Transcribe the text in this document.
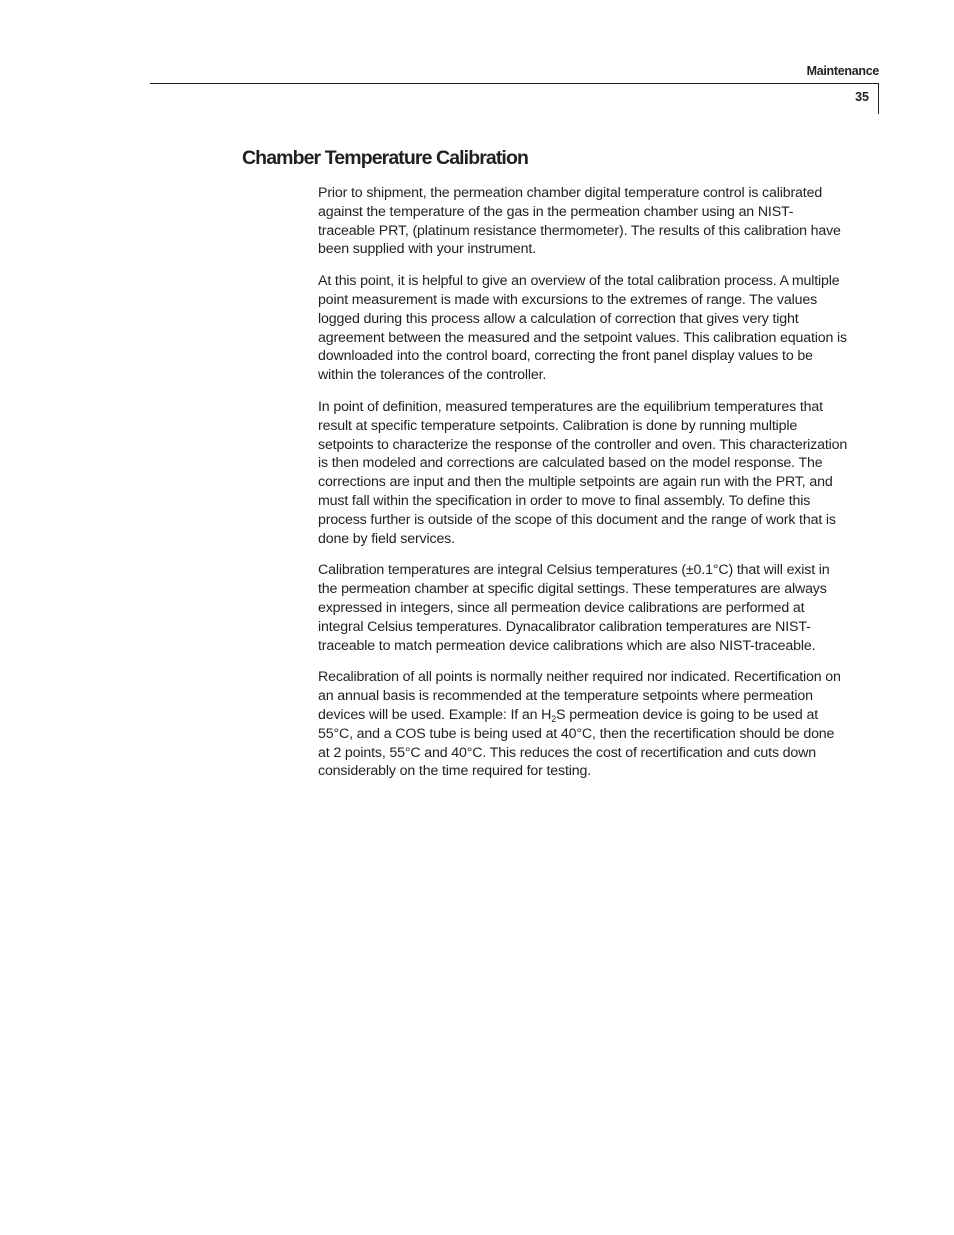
Maintenance
35
Chamber Temperature Calibration

Prior to shipment, the permeation chamber digital temperature control is calibrated against the temperature of the gas in the permeation chamber using an NIST-traceable PRT, (platinum resistance thermometer). The results of this calibration have been supplied with your instrument.

At this point, it is helpful to give an overview of the total calibration process. A multiple point measurement is made with excursions to the extremes of range. The values logged during this process allow a calculation of correction that gives very tight agreement between the measured and the setpoint values. This calibration equation is downloaded into the control board, correcting the front panel display values to be within the tolerances of the controller.

In point of definition, measured temperatures are the equilibrium temperatures that result at specific temperature setpoints. Calibration is done by running multiple setpoints to characterize the response of the controller and oven. This characterization is then modeled and corrections are calculated based on the model response. The corrections are input and then the multiple setpoints are again run with the PRT, and must fall within the specification in order to move to final assembly. To define this process further is outside of the scope of this document and the range of work that is done by field services.

Calibration temperatures are integral Celsius temperatures (±0.1°C) that will exist in the permeation chamber at specific digital settings. These temperatures are always expressed in integers, since all permeation device calibrations are performed at integral Celsius temperatures. Dynacalibrator calibration temperatures are NIST-traceable to match permeation device calibrations which are also NIST-traceable.

Recalibration of all points is normally neither required nor indicated. Recertification on an annual basis is recommended at the temperature setpoints where permeation devices will be used. Example: If an $H_2S$ permeation device is going to be used at 55°C, and a COS tube is being used at 40°C, then the recertification should be done at 2 points, 55°C and 40°C. This reduces the cost of recertification and cuts down considerably on the time required for testing.
